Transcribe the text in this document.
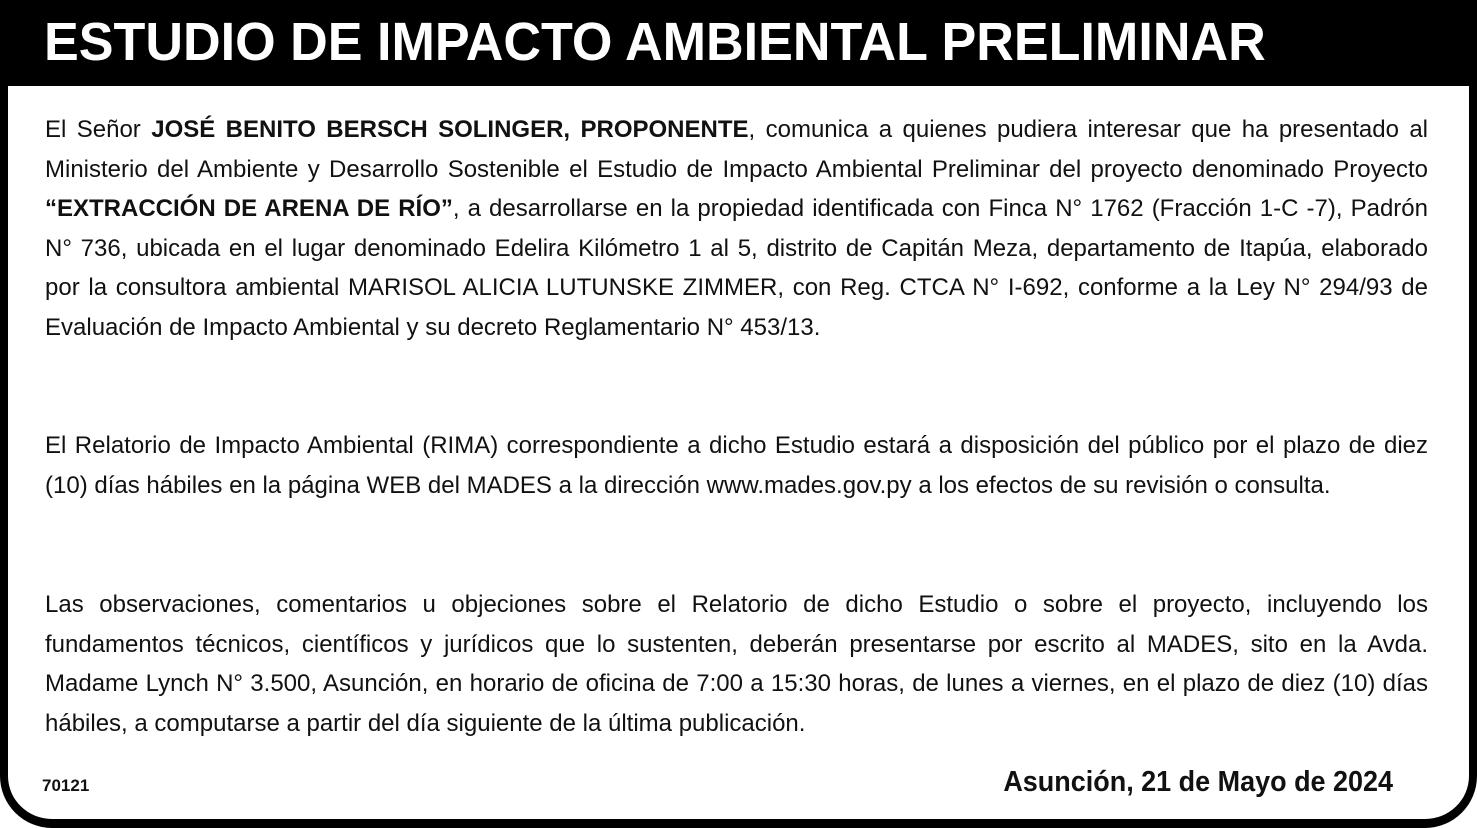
ESTUDIO DE IMPACTO AMBIENTAL PRELIMINAR

El Señor JOSÉ BENITO BERSCH SOLINGER, PROPONENTE, comunica a quienes pudiera interesar que ha presentado al Ministerio del Ambiente y Desarrollo Sostenible el Estudio de Impacto Ambiental Preliminar del proyecto denominado Proyecto “EXTRACCIÓN DE ARENA DE RÍO”, a desarrollarse en la propiedad identificada con Finca N° 1762 (Fracción 1-C -7), Padrón N° 736, ubicada en el lugar denominado Edelira Kilómetro 1 al 5, distrito de Capitán Meza, departamento de Itapúa, elaborado por la consultora ambiental MARISOL ALICIA LUTUNSKE ZIMMER, con Reg. CTCA N° I-692, conforme a la Ley N° 294/93 de Evaluación de Impacto Ambiental y su decreto Reglamentario N° 453/13.

El Relatorio de Impacto Ambiental (RIMA) correspondiente a dicho Estudio estará a disposición del público por el plazo de diez (10) días hábiles en la página WEB del MADES a la dirección www.mades.gov.py a los efectos de su revisión o consulta.

Las observaciones, comentarios u objeciones sobre el Relatorio de dicho Estudio o sobre el proyecto, incluyendo los fundamentos técnicos, científicos y jurídicos que lo sustenten, deberán presentarse por escrito al MADES, sito en la Avda. Madame Lynch N° 3.500, Asunción, en horario de oficina de 7:00 a 15:30 horas, de lunes a viernes, en el plazo de diez (10) días hábiles, a computarse a partir del día siguiente de la última publicación.

70121	Asunción, 21 de Mayo de 2024
